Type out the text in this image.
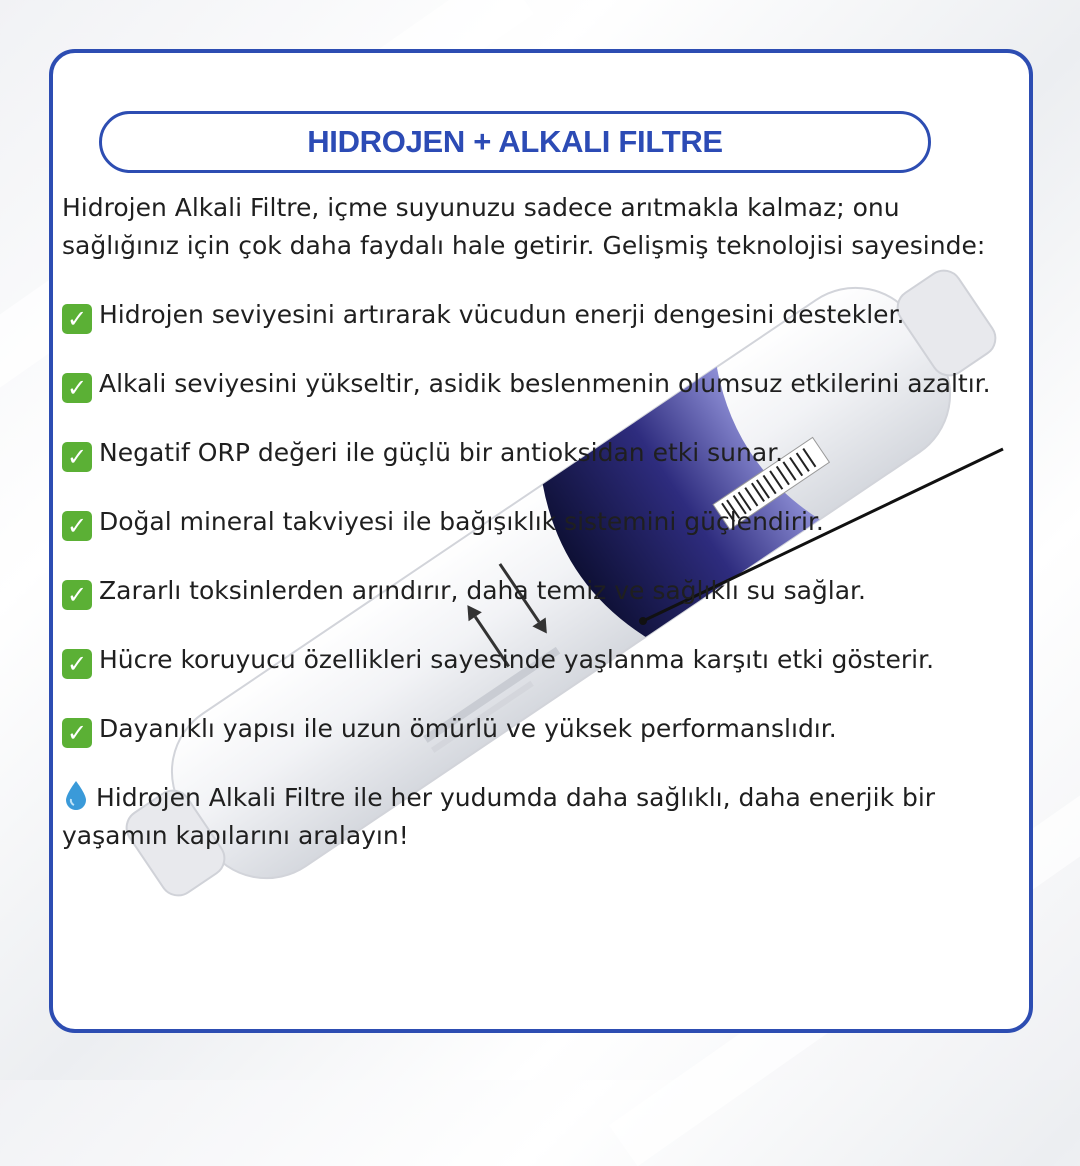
HIDROJEN + ALKALI FILTRE

Hidrojen Alkali Filtre, içme suyunuzu sadece arıtmakla kalmaz; onu sağlığınız için çok daha faydalı hale getirir. Gelişmiş teknolojisi sayesinde:

✓ Hidrojen seviyesini artırarak vücudun enerji dengesini destekler.

✓ Alkali seviyesini yükseltir, asidik beslenmenin olumsuz etkilerini azaltır.

✓ Negatif ORP değeri ile güçlü bir antioksidan etki sunar.

✓ Doğal mineral takviyesi ile bağışıklık sistemini güçlendirir.

✓ Zararlı toksinlerden arındırır, daha temiz ve sağlıklı su sağlar.

✓ Hücre koruyucu özellikleri sayesinde yaşlanma karşıtı etki gösterir.

✓ Dayanıklı yapısı ile uzun ömürlü ve yüksek performanslıdır.

Hidrojen Alkali Filtre ile her yudumda daha sağlıklı, daha enerjik bir yaşamın kapılarını aralayın!
